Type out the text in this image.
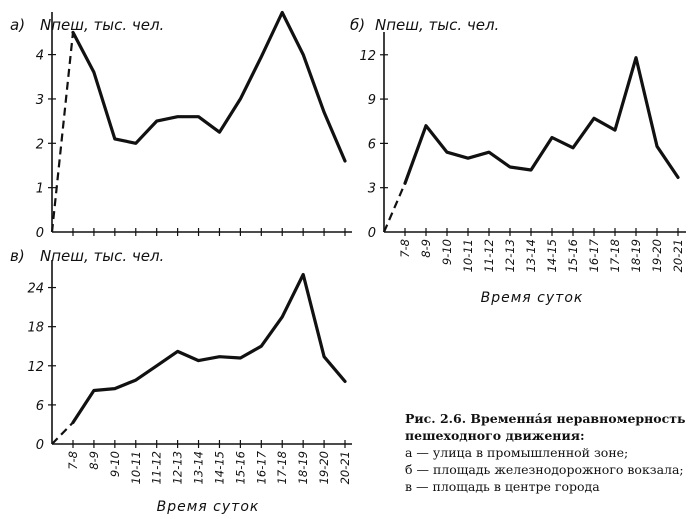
0
1
2
3
4
а) Nпеш, тыс. чел.
0
3
6
9
12
7-8 8-9 9-10 10-11 11-12 12-13 13-14 14-15 15-16 16-17 17-18 18-19 19-20 20-21
б) Nпеш, тыс. чел.
Время суток
0
6
12
18
24
7-8 8-9 9-10 10-11 11-12 12-13 13-14 14-15 15-16 16-17 17-18 18-19 19-20 20-21
в) Nпеш, тыс. чел.
Время суток
Рис. 2.6. Временнáя неравномерность пешеходного движения:
а — улица в промышленной зоне;
б — площадь железнодорожного вокзала; в — площадь в центре города
